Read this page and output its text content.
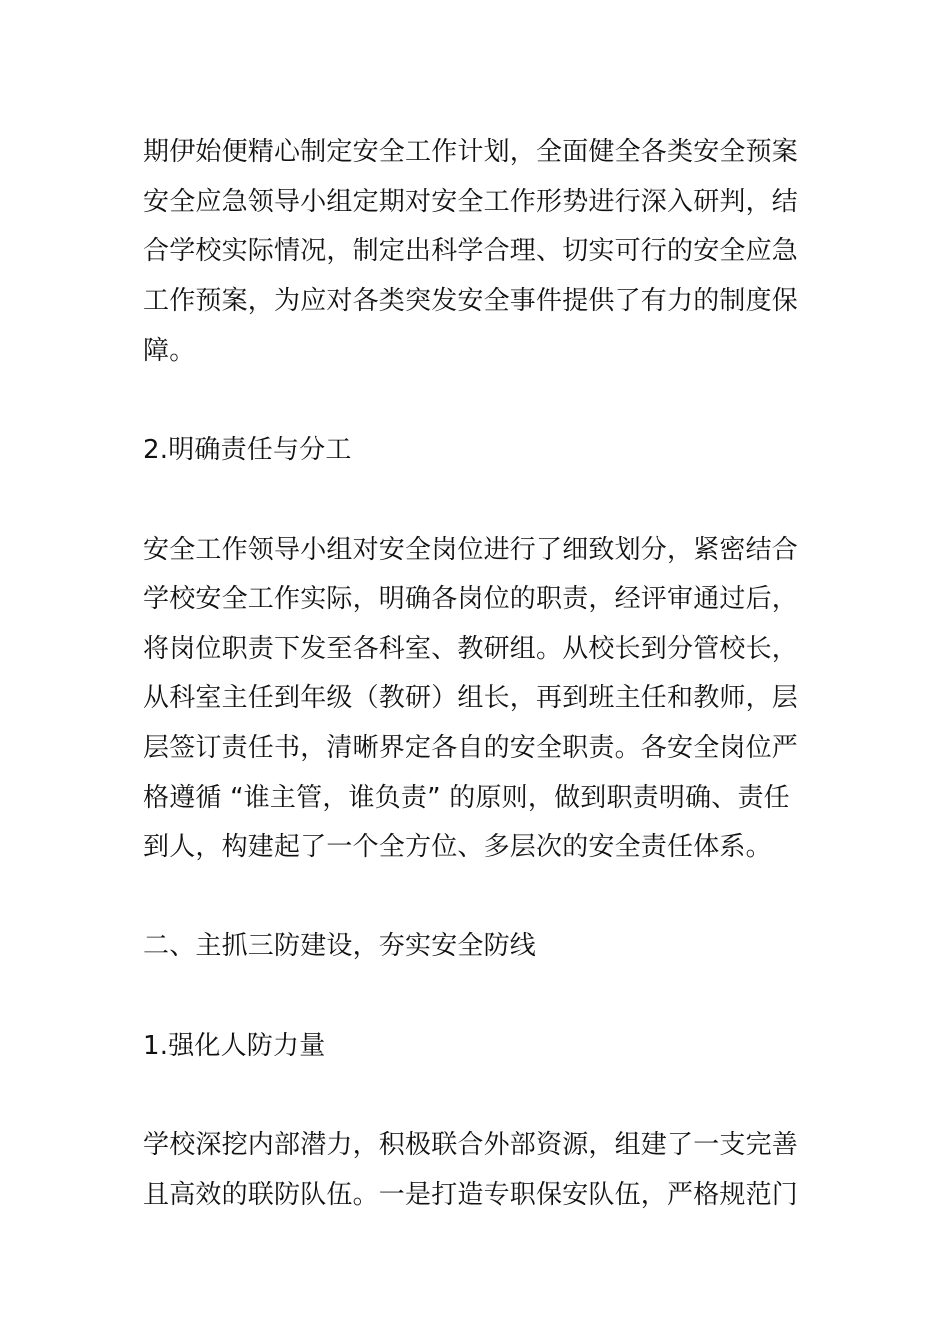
期伊始便精心制定安全工作计划，全面健全各类安全预案
安全应急领导小组定期对安全工作形势进行深入研判，结
合学校实际情况，制定出科学合理、切实可行的安全应急
工作预案，为应对各类突发安全事件提供了有力的制度保
障。
2.明确责任与分工
安全工作领导小组对安全岗位进行了细致划分，紧密结合
学校安全工作实际，明确各岗位的职责，经评审通过后，
将岗位职责下发至各科室、教研组。从校长到分管校长，
从科室主任到年级（教研）组长，再到班主任和教师，层
层签订责任书，清晰界定各自的安全职责。各安全岗位严
格遵循 “谁主管，谁负责” 的原则，做到职责明确、责任
到人，构建起了一个全方位、多层次的安全责任体系。
二、主抓三防建设，夯实安全防线
1.强化人防力量
学校深挖内部潜力，积极联合外部资源，组建了一支完善
且高效的联防队伍。一是打造专职保安队伍，严格规范门
